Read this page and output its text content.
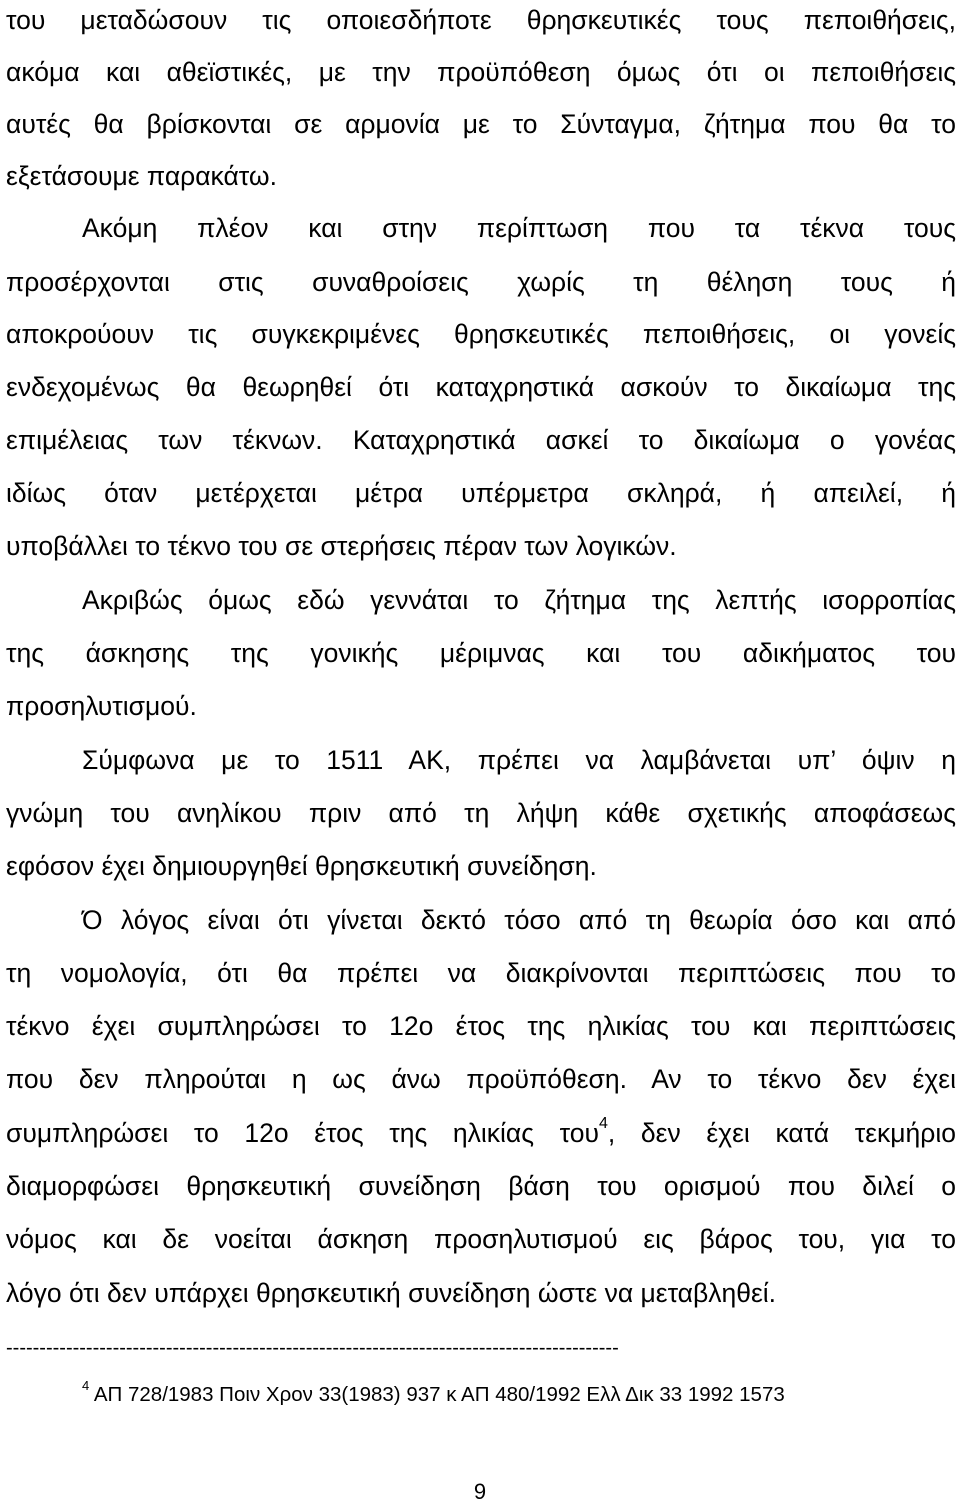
του μεταδώσουν τις οποιεσδήποτε θρησκευτικές τους πεποιθήσεις,
ακόμα και αθεϊστικές, με την προϋπόθεση όμως ότι οι πεποιθήσεις
αυτές θα βρίσκονται σε αρμονία με το Σύνταγμα, ζήτημα που θα το
εξετάσουμε παρακάτω.
Ακόμη πλέον και στην περίπτωση που τα τέκνα τους
προσέρχονται στις συναθροίσεις χωρίς τη θέληση τους ή
αποκρούουν τις συγκεκριμένες θρησκευτικές πεποιθήσεις, οι γονείς
ενδεχομένως θα θεωρηθεί ότι καταχρηστικά ασκούν το δικαίωμα της
επιμέλειας των τέκνων. Καταχρηστικά ασκεί το δικαίωμα ο γονέας
ιδίως όταν μετέρχεται μέτρα υπέρμετρα σκληρά, ή απειλεί, ή
υποβάλλει το τέκνο του σε στερήσεις πέραν των λογικών.
Ακριβώς όμως εδώ γεννάται το ζήτημα της λεπτής ισορροπίας
της άσκησης της γονικής μέριμνας και του αδικήματος του
προσηλυτισμού.
Σύμφωνα με το 1511 ΑΚ, πρέπει να λαμβάνεται υπ’ όψιν η
γνώμη του ανηλίκου πριν από τη λήψη κάθε σχετικής αποφάσεως
εφόσον έχει δημιουργηθεί θρησκευτική συνείδηση.
Ό λόγος είναι ότι γίνεται δεκτό τόσο από τη θεωρία όσο και από
τη νομολογία, ότι θα πρέπει να διακρίνονται περιπτώσεις που το
τέκνο έχει συμπληρώσει το 12ο έτος της ηλικίας του και περιπτώσεις
που δεν πληρούται η ως άνω προϋπόθεση. Αν το τέκνο δεν έχει
συμπληρώσει το 12ο έτος της ηλικίας του$^4$, δεν έχει κατά τεκμήριο
διαμορφώσει θρησκευτική συνείδηση βάση του ορισμού που διλεί ο
νόμος και δε νοείται άσκηση προσηλυτισμού εις βάρος του, για το
λόγο ότι δεν υπάρχει θρησκευτική συνείδηση ώστε να μεταβληθεί.
--------------------------------------------------------------------------------------------
$^4$ ΑΠ 728/1983 Ποιν Χρον 33(1983) 937 κ ΑΠ 480/1992 Ελλ Δικ 33 1992 1573
9
